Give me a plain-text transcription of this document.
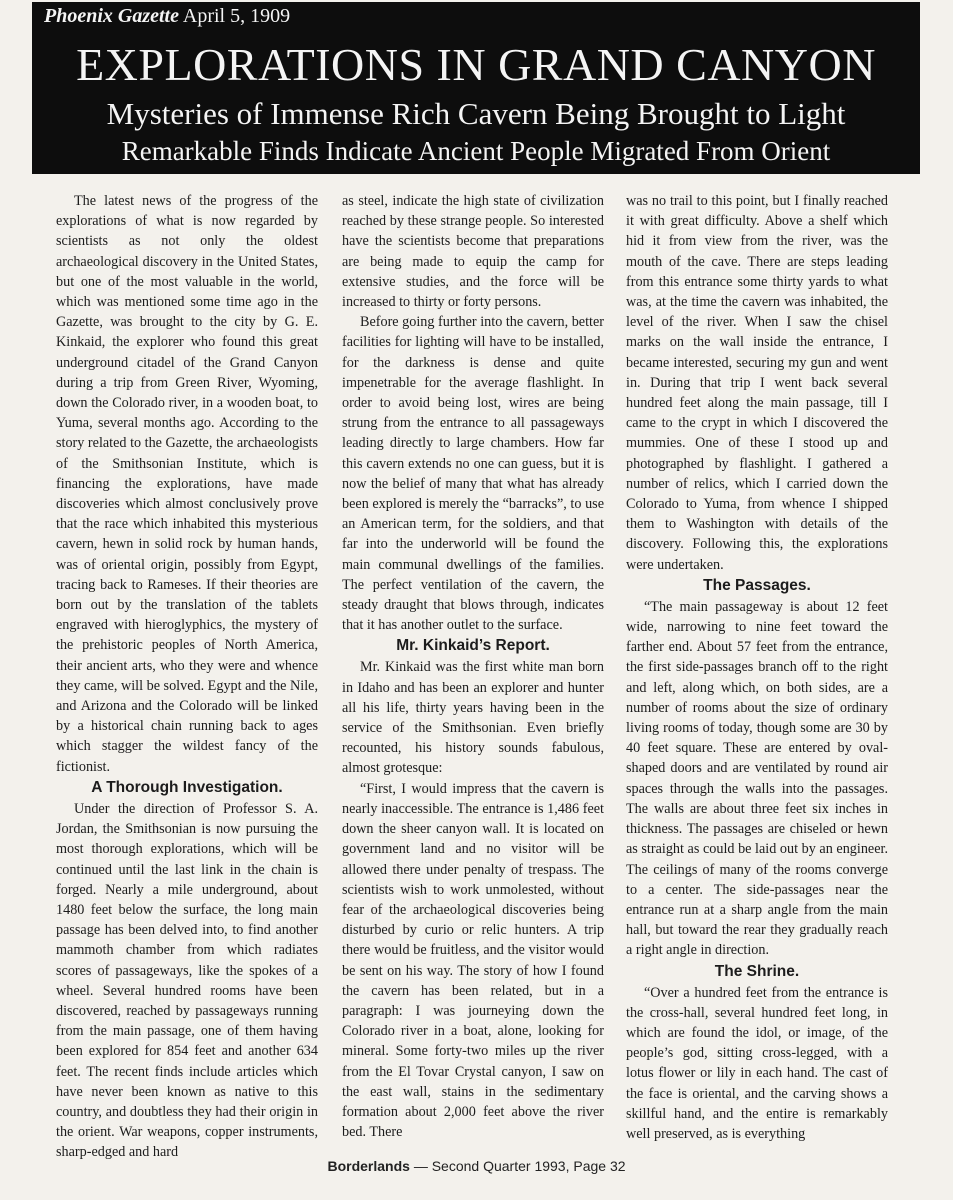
Phoenix Gazette April 5, 1909
EXPLORATIONS IN GRAND CANYON
Mysteries of Immense Rich Cavern Being Brought to Light
Remarkable Finds Indicate Ancient People Migrated From Orient

The latest news of the progress of the explorations of what is now regarded by scientists as not only the oldest archaeological discovery in the United States, but one of the most valuable in the world, which was mentioned some time ago in the Gazette, was brought to the city by G. E. Kinkaid, the explorer who found this great underground citadel of the Grand Canyon during a trip from Green River, Wyoming, down the Colorado river, in a wooden boat, to Yuma, several months ago. According to the story related to the Gazette, the archaeologists of the Smithsonian Institute, which is financing the explorations, have made discoveries which almost conclusively prove that the race which inhabited this mysterious cavern, hewn in solid rock by human hands, was of oriental origin, possibly from Egypt, tracing back to Rameses. If their theories are born out by the translation of the tablets engraved with hieroglyphics, the mystery of the prehistoric peoples of North America, their ancient arts, who they were and whence they came, will be solved. Egypt and the Nile, and Arizona and the Colorado will be linked by a historical chain running back to ages which stagger the wildest fancy of the fictionist.

A Thorough Investigation.

Under the direction of Professor S. A. Jordan, the Smithsonian is now pursuing the most thorough explorations, which will be continued until the last link in the chain is forged. Nearly a mile underground, about 1480 feet below the surface, the long main passage has been delved into, to find another mammoth chamber from which radiates scores of passageways, like the spokes of a wheel. Several hundred rooms have been discovered, reached by passageways running from the main passage, one of them having been explored for 854 feet and another 634 feet. The recent finds include articles which have never been known as native to this country, and doubtless they had their origin in the orient. War weapons, copper instruments, sharp-edged and hard

as steel, indicate the high state of civilization reached by these strange people. So interested have the scientists become that preparations are being made to equip the camp for extensive studies, and the force will be increased to thirty or forty persons.

Before going further into the cavern, better facilities for lighting will have to be installed, for the darkness is dense and quite impenetrable for the average flashlight. In order to avoid being lost, wires are being strung from the entrance to all passageways leading directly to large chambers. How far this cavern extends no one can guess, but it is now the belief of many that what has already been explored is merely the “barracks”, to use an American term, for the soldiers, and that far into the underworld will be found the main communal dwellings of the families. The perfect ventilation of the cavern, the steady draught that blows through, indicates that it has another outlet to the surface.

Mr. Kinkaid’s Report.

Mr. Kinkaid was the first white man born in Idaho and has been an explorer and hunter all his life, thirty years having been in the service of the Smithsonian. Even briefly recounted, his history sounds fabulous, almost grotesque:

“First, I would impress that the cavern is nearly inaccessible. The entrance is 1,486 feet down the sheer canyon wall. It is located on government land and no visitor will be allowed there under penalty of trespass. The scientists wish to work unmolested, without fear of the archaeological discoveries being disturbed by curio or relic hunters. A trip there would be fruitless, and the visitor would be sent on his way. The story of how I found the cavern has been related, but in a paragraph: I was journeying down the Colorado river in a boat, alone, looking for mineral. Some forty-two miles up the river from the El Tovar Crystal canyon, I saw on the east wall, stains in the sedimentary formation about 2,000 feet above the river bed. There

was no trail to this point, but I finally reached it with great difficulty. Above a shelf which hid it from view from the river, was the mouth of the cave. There are steps leading from this entrance some thirty yards to what was, at the time the cavern was inhabited, the level of the river. When I saw the chisel marks on the wall inside the entrance, I became interested, securing my gun and went in. During that trip I went back several hundred feet along the main passage, till I came to the crypt in which I discovered the mummies. One of these I stood up and photographed by flashlight. I gathered a number of relics, which I carried down the Colorado to Yuma, from whence I shipped them to Washington with details of the discovery. Following this, the explorations were undertaken.

The Passages.

“The main passageway is about 12 feet wide, narrowing to nine feet toward the farther end. About 57 feet from the entrance, the first side-passages branch off to the right and left, along which, on both sides, are a number of rooms about the size of ordinary living rooms of today, though some are 30 by 40 feet square. These are entered by oval-shaped doors and are ventilated by round air spaces through the walls into the passages. The walls are about three feet six inches in thickness. The passages are chiseled or hewn as straight as could be laid out by an engineer. The ceilings of many of the rooms converge to a center. The side-passages near the entrance run at a sharp angle from the main hall, but toward the rear they gradually reach a right angle in direction.

The Shrine.

“Over a hundred feet from the entrance is the cross-hall, several hundred feet long, in which are found the idol, or image, of the people’s god, sitting cross-legged, with a lotus flower or lily in each hand. The cast of the face is oriental, and the carving shows a skillful hand, and the entire is remarkably well preserved, as is everything

Borderlands — Second Quarter 1993, Page 32
